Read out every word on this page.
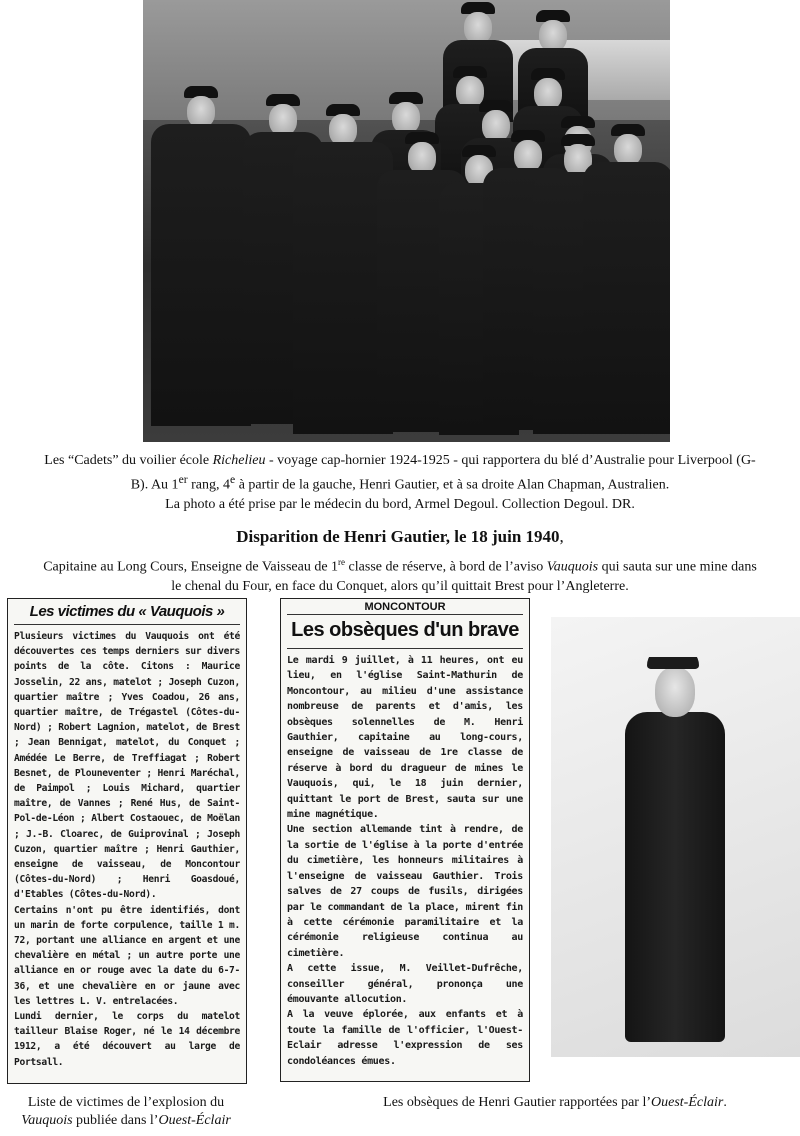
Les “Cadets” du voilier école Richelieu - voyage cap-hornier 1924-1925 - qui rapportera du blé d’Australie pour Liverpool (G-B). Au 1er rang, 4e à partir de la gauche, Henri Gautier, et à sa droite Alan Chapman, Australien.
La photo a été prise par le médecin du bord, Armel Degoul. Collection Degoul. DR.
Disparition de Henri Gautier, le 18 juin 1940,
Capitaine au Long Cours, Enseigne de Vaisseau de 1re classe de réserve, à bord de l’aviso Vauquois qui sauta sur une mine dans le chenal du Four, en face du Conquet, alors qu’il quittait Brest pour l’Angleterre.
Les victimes du « Vauquois »
Plusieurs victimes du Vauquois ont été découvertes ces temps derniers sur divers points de la côte. Citons : Maurice Josselin, 22 ans, matelot ; Joseph Cuzon, quartier maître ; Yves Coadou, 26 ans, quartier maître, de Trégastel (Côtes-du-Nord) ; Robert Lagnion, matelot, de Brest ; Jean Bennigat, matelot, du Conquet ; Amédée Le Berre, de Treffiagat ; Robert Besnet, de Plouneventer ; Henri Maréchal, de Paimpol ; Louis Michard, quartier maître, de Vannes ; René Hus, de Saint-Pol-de-Léon ; Albert Costaouec, de Moëlan ; J.-B. Cloarec, de Guiprovinal ; Joseph Cuzon, quartier maître ; Henri Gauthier, enseigne de vaisseau, de Moncontour (Côtes-du-Nord) ; Henri Goasdoué, d'Etables (Côtes-du-Nord).
Certains n'ont pu être identifiés, dont un marin de forte corpulence, taille 1 m. 72, portant une alliance en argent et une chevalière en métal ; un autre porte une alliance en or rouge avec la date du 6-7-36, et une chevalière en or jaune avec les lettres L. V. entrelacées.
Lundi dernier, le corps du matelot tailleur Blaise Roger, né le 14 décembre 1912, a été découvert au large de Portsall.
MONCONTOUR
Les obsèques d'un brave
Le mardi 9 juillet, à 11 heures, ont eu lieu, en l'église Saint-Mathurin de Moncontour, au milieu d'une assistance nombreuse de parents et d'amis, les obsèques solennelles de M. Henri Gauthier, capitaine au long-cours, enseigne de vaisseau de 1re classe de réserve à bord du dragueur de mines le Vauquois, qui, le 18 juin dernier, quittant le port de Brest, sauta sur une mine magnétique.
Une section allemande tint à rendre, de la sortie de l'église à la porte d'entrée du cimetière, les honneurs militaires à l'enseigne de vaisseau Gauthier. Trois salves de 27 coups de fusils, dirigées par le commandant de la place, mirent fin à cette cérémonie paramilitaire et la cérémonie religieuse continua au cimetière.
A cette issue, M. Veillet-Dufrêche, conseiller général, prononça une émouvante allocution.
A la veuve éplorée, aux enfants et à toute la famille de l'officier, l'Ouest-Eclair adresse l'expression de ses condoléances émues.
Liste de victimes de l’explosion du Vauquois publiée dans l’Ouest-Éclair
Les obsèques de Henri Gautier rapportées par l’Ouest-Éclair.
